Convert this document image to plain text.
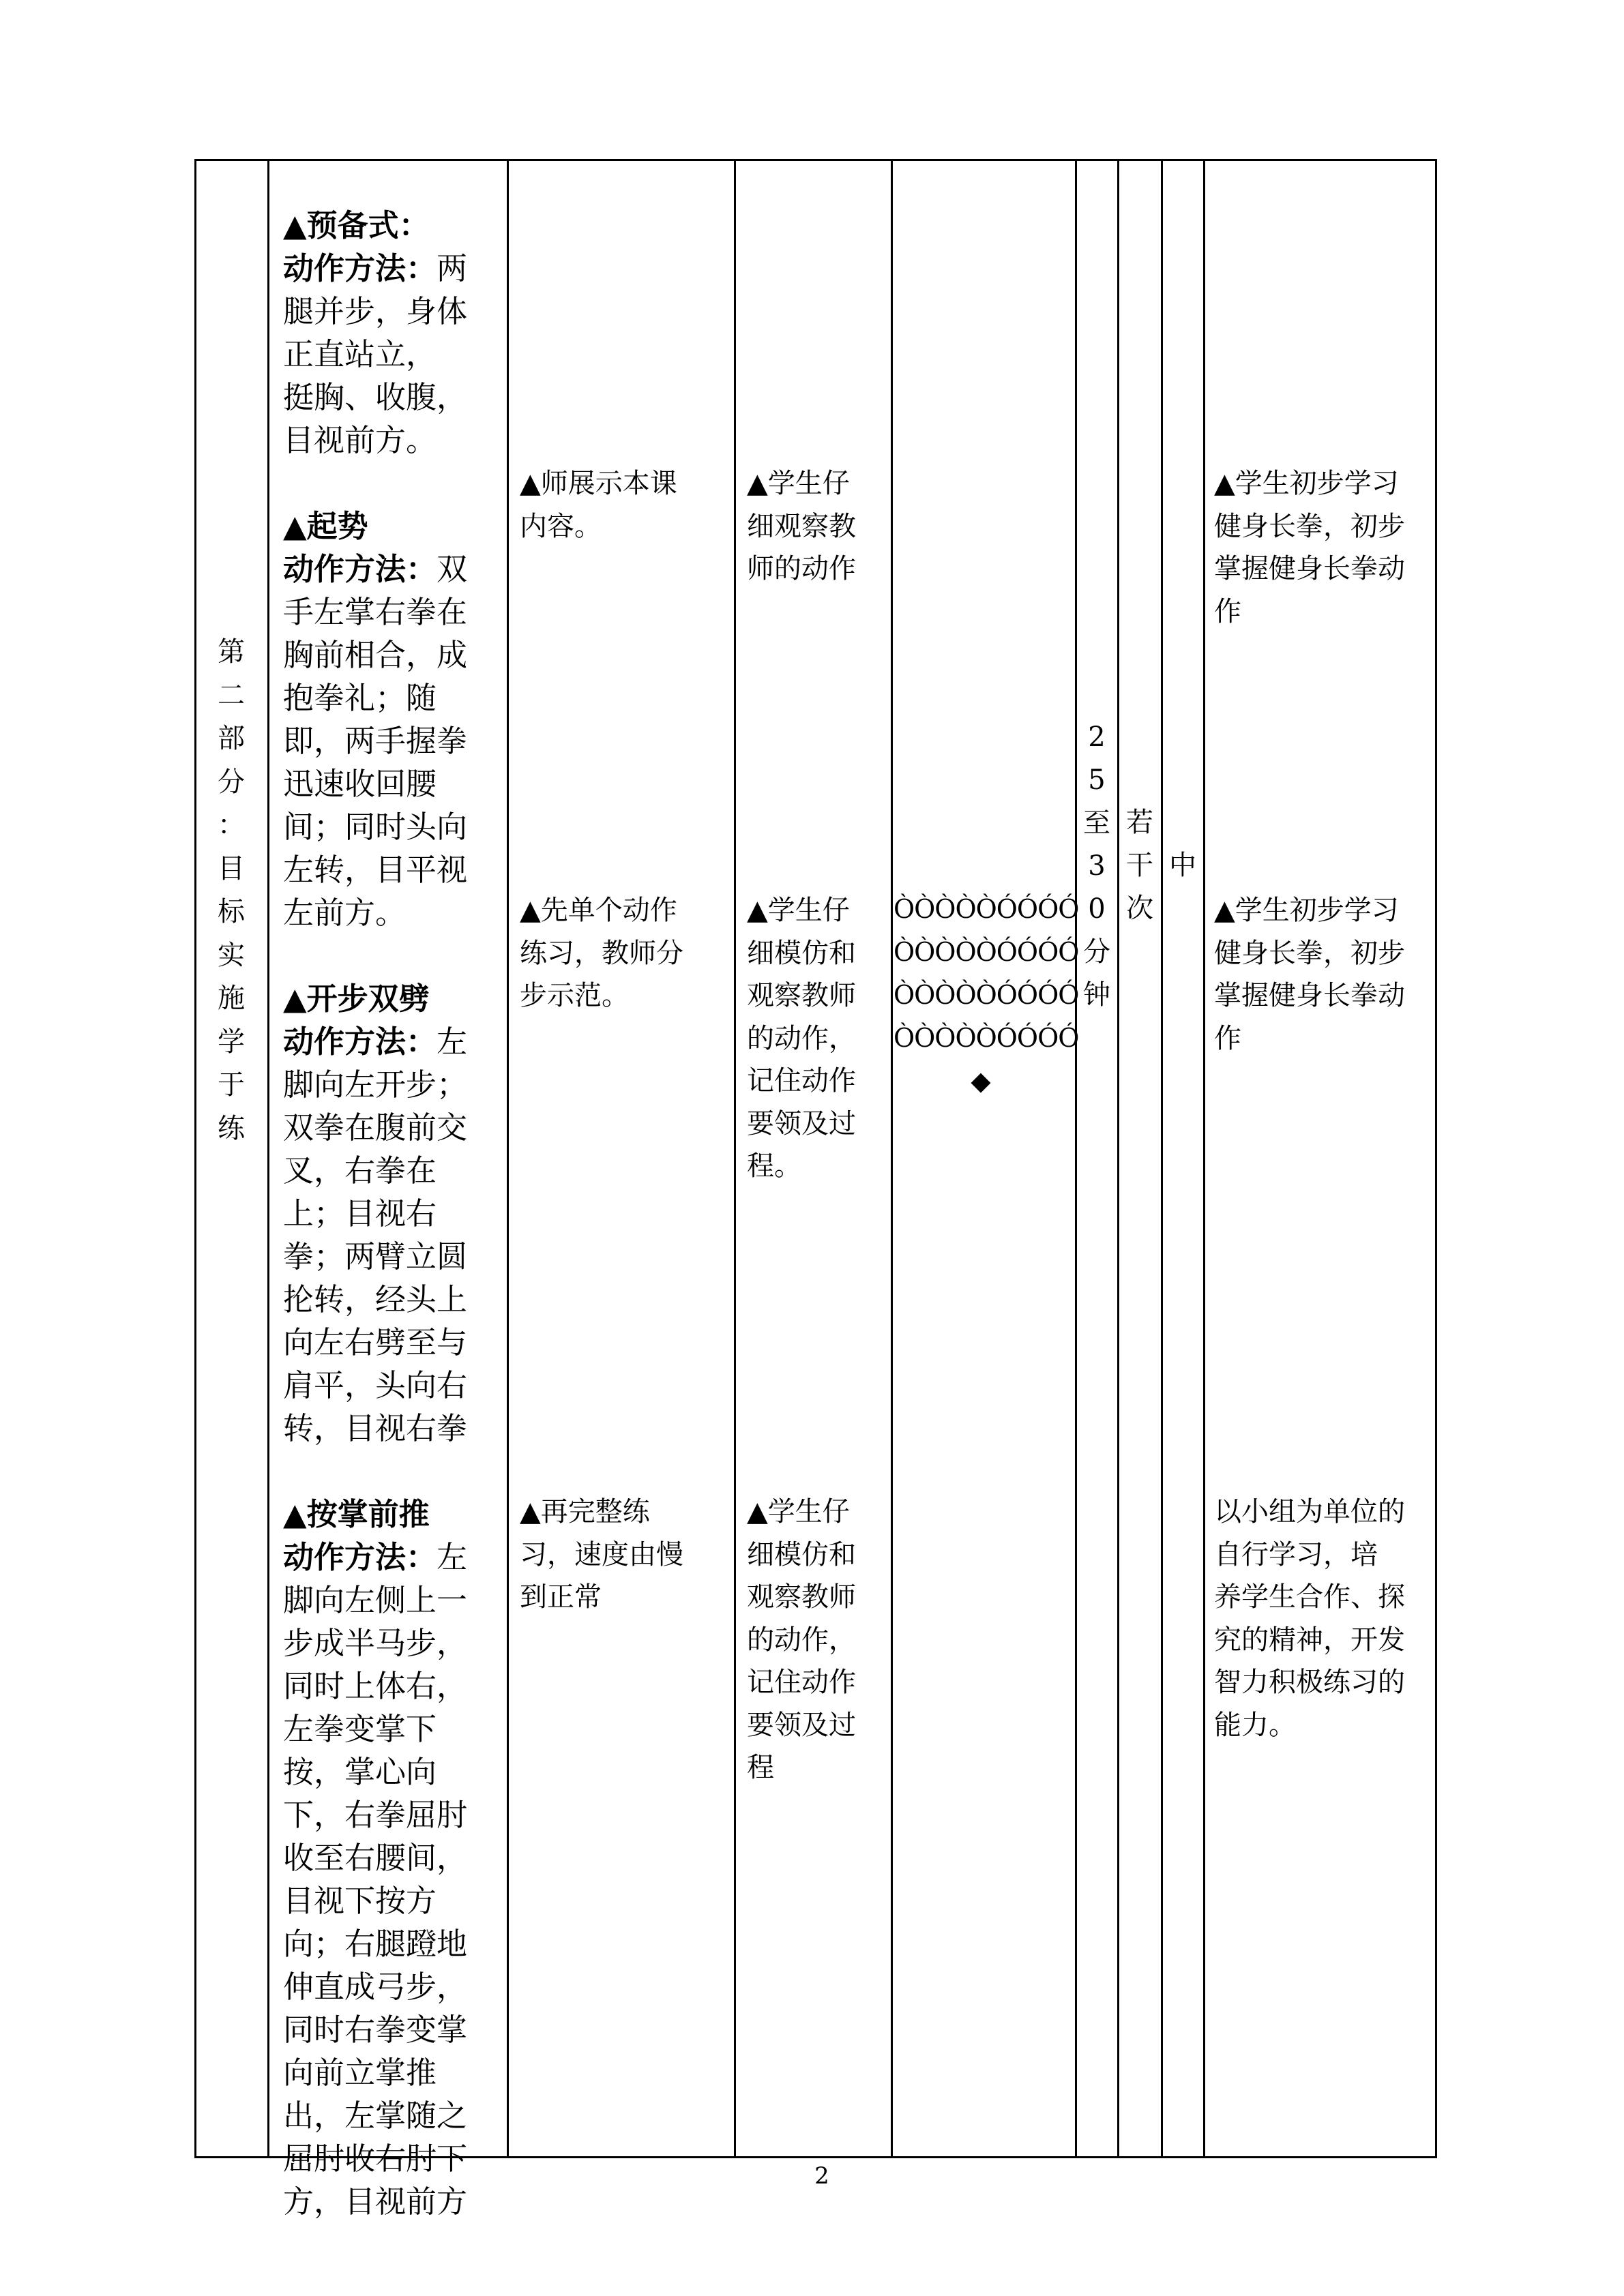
第
二
部
分
：
目
标
实
施
学
于
练

▲预备式：
动作方法：两
腿并步，身体
正直站立，
挺胸、收腹，
目视前方。

▲起势
动作方法：双
手左掌右拳在
胸前相合，成
抱拳礼；随
即，两手握拳
迅速收回腰
间；同时头向
左转，目平视
左前方。

▲开步双劈
动作方法：左
脚向左开步；
双拳在腹前交
叉，右拳在
上；目视右
拳；两臂立圆
抡转，经头上
向左右劈至与
肩平，头向右
转，目视右拳

▲按掌前推
动作方法：左
脚向左侧上一
步成半马步，
同时上体右，
左拳变掌下
按，掌心向
下，右拳屈肘
收至右腰间，
目视下按方
向；右腿蹬地
伸直成弓步，
同时右拳变掌
向前立掌推
出，左掌随之
屈肘收右肘下
方，目视前方

▲师展示本课
内容。
▲先单个动作
练习，教师分
步示范。
▲再完整练
习，速度由慢
到正常
▲学生仔
细观察教
师的动作
▲学生仔
细模仿和
观察教师
的动作，
记住动作
要领及过
程。
▲学生仔
细模仿和
观察教师
的动作，
记住动作
要领及过
程
ÒÒÒÒÒÓÓÓÓ
ÒÒÒÒÒÓÓÓÓ
ÒÒÒÒÒÓÓÓÓ
ÒÒÒÒÒÓÓÓÓ
◆
2
5
至
3
0
分
钟
若
干
次
中
▲学生初步学习
健身长拳，初步
掌握健身长拳动
作
▲学生初步学习
健身长拳，初步
掌握健身长拳动
作
以小组为单位的
自行学习，培
养学生合作、探
究的精神，开发
智力积极练习的
能力。
2
